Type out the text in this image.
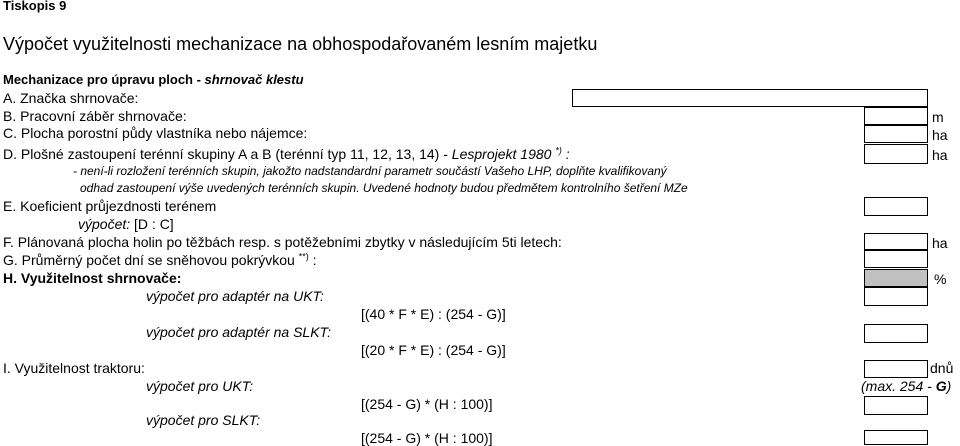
Tiskopis 9
Výpočet využitelnosti mechanizace na obhospodařovaném lesním majetku
Mechanizace pro úpravu ploch - shrnovač klestu
A. Značka shrnovače:
B. Pracovní záběr shrnovače:	m
C. Plocha porostní půdy vlastníka nebo nájemce:	ha
D. Plošné zastoupení terénní skupiny A a B (terénní typ 11, 12, 13, 14) - Lesprojekt 1980 *) :	ha
- není-li rozložení terénních skupin, jakožto nadstandardní parametr součástí Vašeho LHP, doplňte kvalifikovaný
odhad zastoupení výše uvedených terénních skupin. Uvedené hodnoty budou předmětem kontrolního šetření MZe
E. Koeficient průjezdnosti terénem
výpočet: [D : C]
F. Plánovaná plocha holin po těžbách resp. s potěžebními zbytky v následujícím 5ti letech:	ha
G. Průměrný počet dní se sněhovou pokrývkou **) :
H. Využitelnost shrnovače:	%
výpočet pro adaptér na UKT:
[(40 * F * E) : (254 - G)]
výpočet pro adaptér na SLKT:
[(20 * F * E) : (254 - G)]
I. Využitelnost traktoru:	dnů
výpočet pro UKT:	(max. 254 - G)
[(254 - G) * (H : 100)]
výpočet pro SLKT:
[(254 - G) * (H : 100)]
